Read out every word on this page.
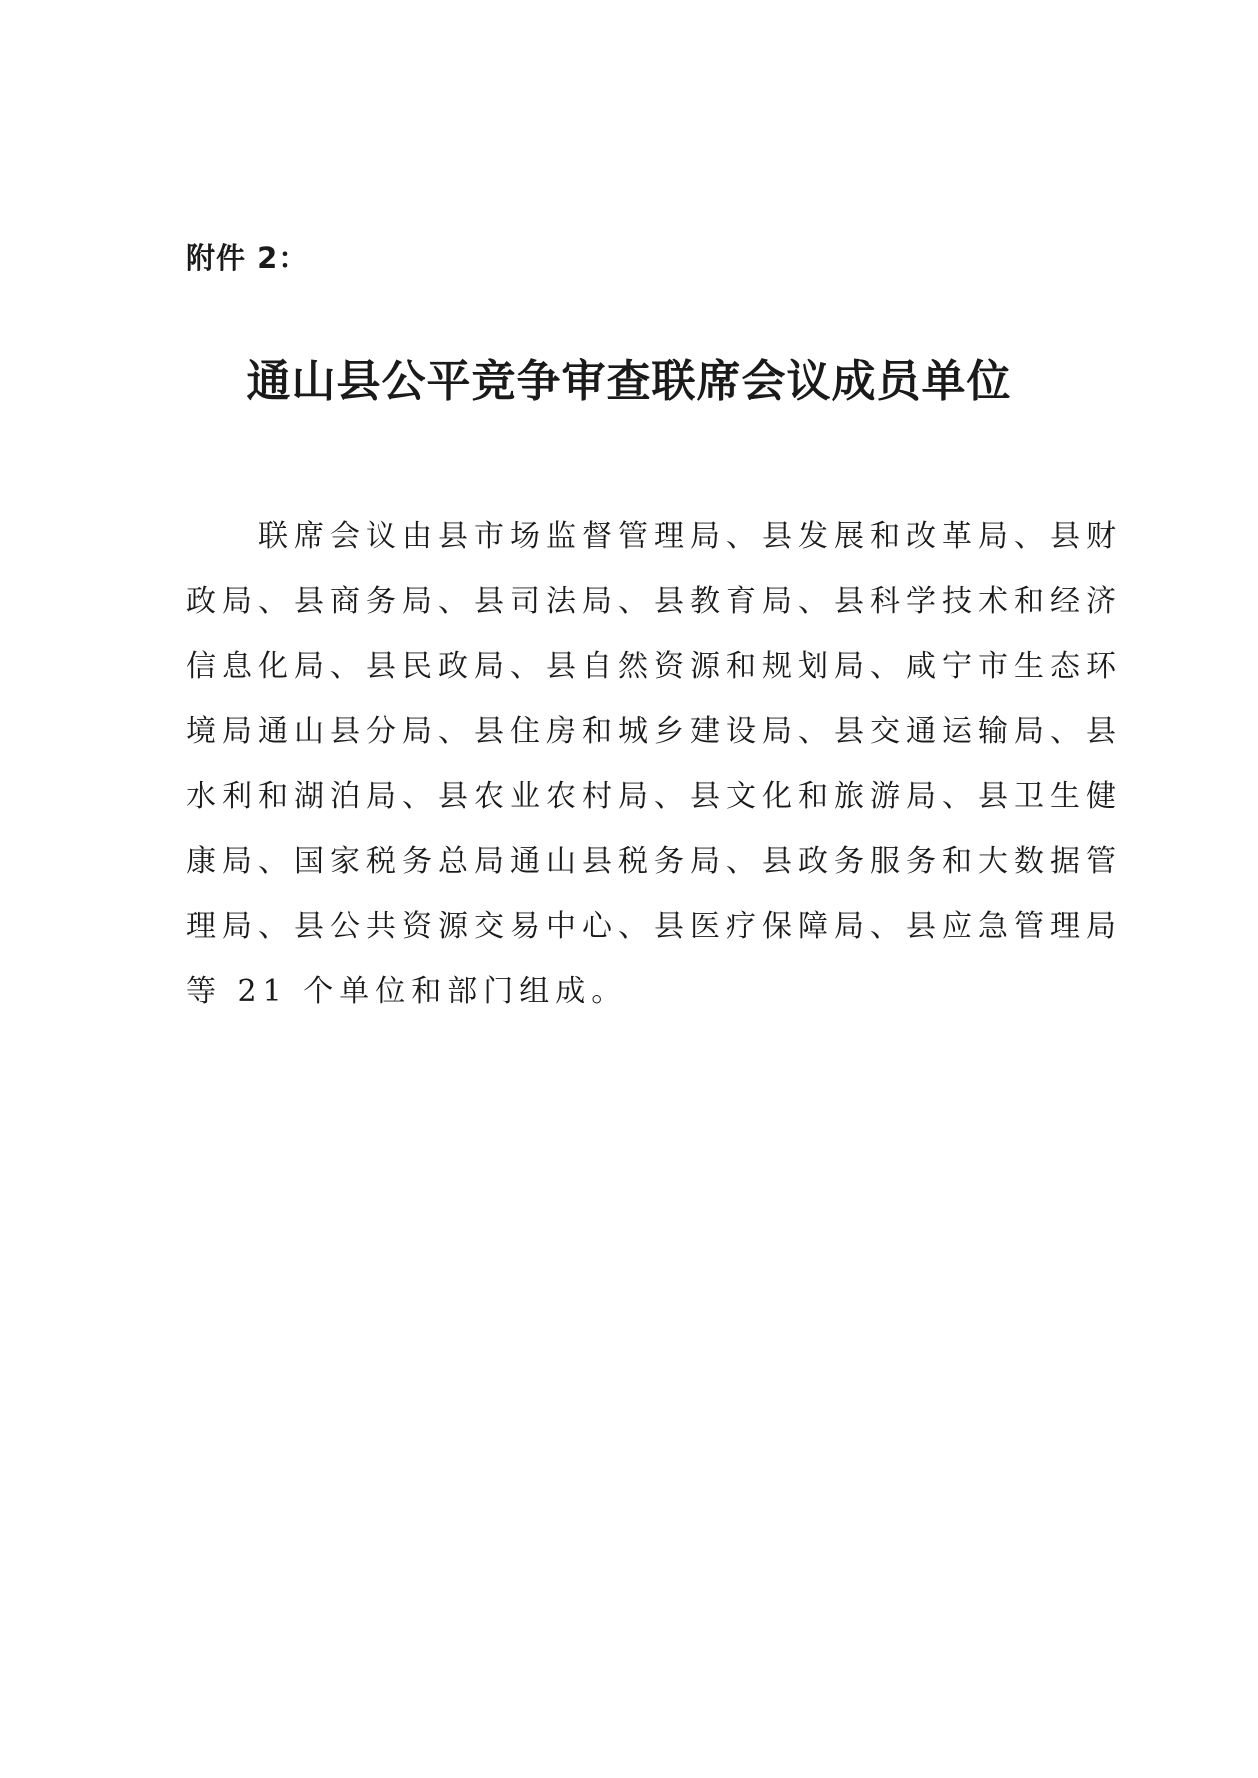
附件 2：
通山县公平竞争审查联席会议成员单位
联席会议由县市场监督管理局、县发展和改革局、县财
政局、县商务局、县司法局、县教育局、县科学技术和经济
信息化局、县民政局、县自然资源和规划局、咸宁市生态环
境局通山县分局、县住房和城乡建设局、县交通运输局、县
水利和湖泊局、县农业农村局、县文化和旅游局、县卫生健
康局、国家税务总局通山县税务局、县政务服务和大数据管
理局、县公共资源交易中心、县医疗保障局、县应急管理局
等 21 个单位和部门组成。
